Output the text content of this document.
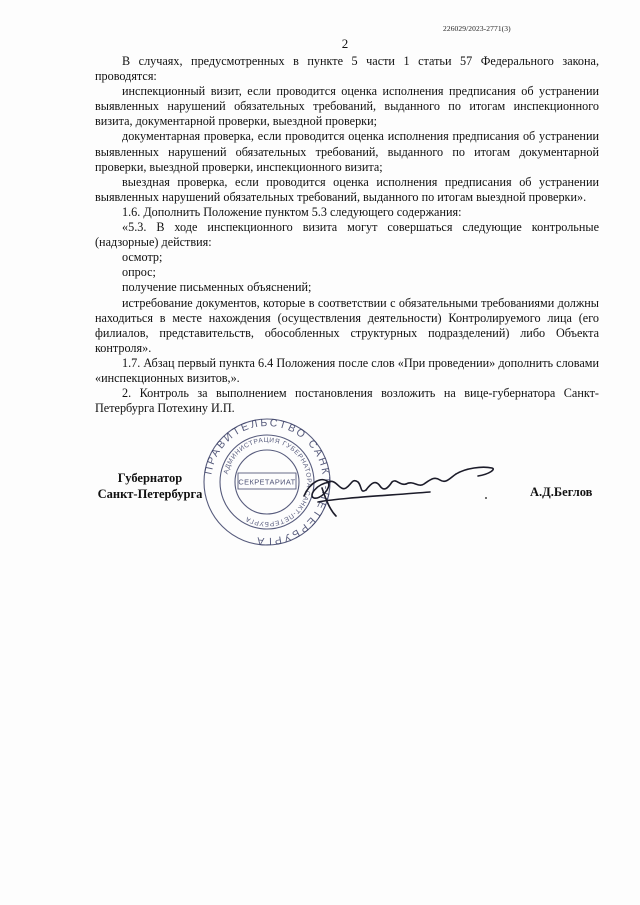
226029/2023-2771(3)
2

В случаях, предусмотренных в пункте 5 части 1 статьи 57 Федерального закона, проводятся:

инспекционный визит, если проводится оценка исполнения предписания об устранении выявленных нарушений обязательных требований, выданного по итогам инспекционного визита, документарной проверки, выездной проверки;

документарная проверка, если проводится оценка исполнения предписания об устранении выявленных нарушений обязательных требований, выданного по итогам документарной проверки, выездной проверки, инспекционного визита;

выездная проверка, если проводится оценка исполнения предписания об устранении выявленных нарушений обязательных требований, выданного по итогам выездной проверки».

1.6. Дополнить Положение пунктом 5.3 следующего содержания:

«5.3. В ходе инспекционного визита могут совершаться следующие контрольные (надзорные) действия:

осмотр;

опрос;

получение письменных объяснений;

истребование документов, которые в соответствии с обязательными требованиями должны находиться в месте нахождения (осуществления деятельности) Контролируемого лица (его филиалов, представительств, обособленных структурных подразделений) либо Объекта контроля».

1.7. Абзац первый пункта 6.4 Положения после слов «При проведении» дополнить словами «инспекционных визитов,».

2. Контроль за выполнением постановления возложить на вице-губернатора Санкт-Петербурга Потехину И.П.

Губернатор
Санкт-Петербурга
ПРАВИТЕЛЬСТВО САНКТ-ПЕТЕРБУРГА
АДМИНИСТРАЦИЯ ГУБЕРНАТОРА САНКТ-ПЕТЕРБУРГА
СЕКРЕТАРИАТ
А.Д.Беглов
